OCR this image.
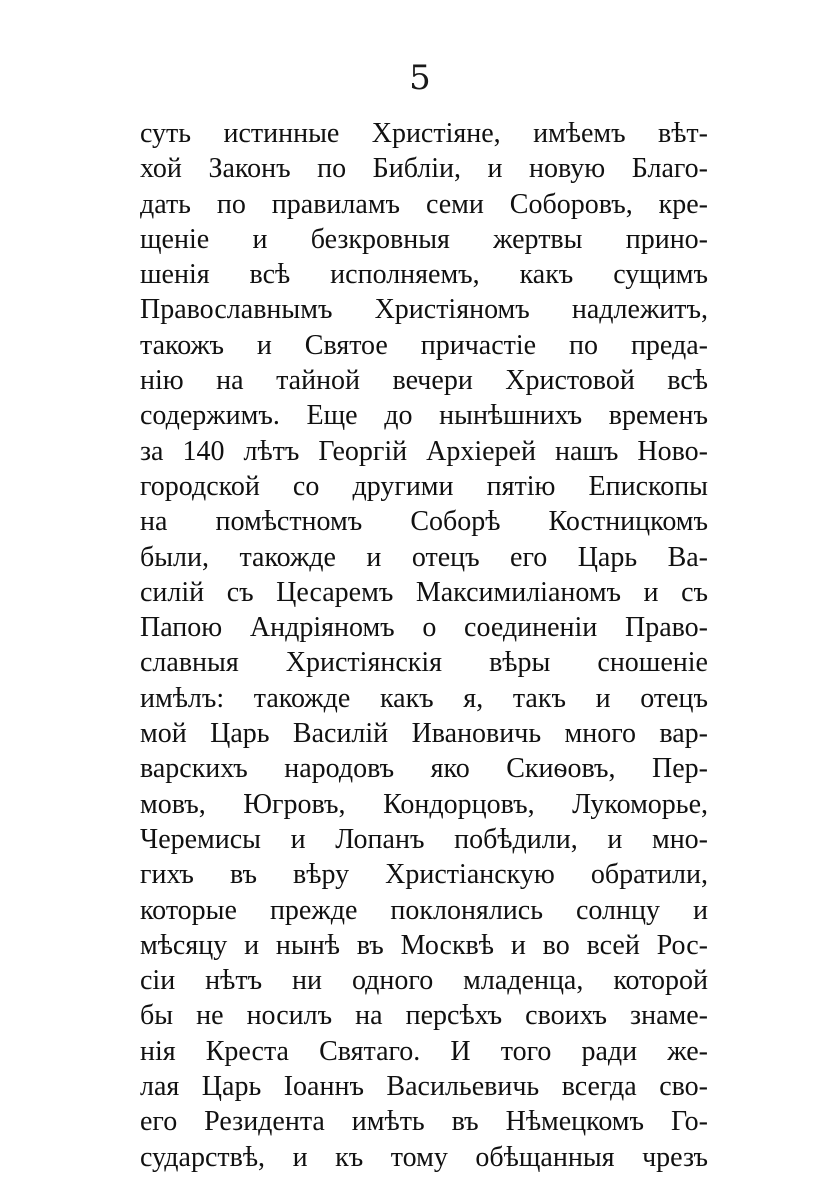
5
суть истинные Христіяне, имѣемъ вѣт-
хой Законъ по Библіи, и новую Благо-
дать по правиламъ семи Соборовъ, кре-
щеніе и безкровныя жертвы прино-
шенія всѣ исполняемъ, какъ сущимъ
Православнымъ Христіяномъ надлежитъ,
такожъ и Святое причастіе по преда-
нію на тайной вечери Христовой всѣ
содержимъ. Еще до нынѣшнихъ временъ
за 140 лѣтъ Георгій Архіерей нашъ Ново-
городской со другими пятію Епископы
на помѣстномъ Соборѣ Костницкомъ
были, такожде и отецъ его Царь Ва-
силій съ Цесаремъ Максимиліаномъ и съ
Папою Андріяномъ о соединеніи Право-
славныя Христіянскія вѣры сношеніе
имѣлъ: такожде какъ я, такъ и отецъ
мой Царь Василій Ивановичь много вар-
варскихъ народовъ яко Скиѳовъ, Пер-
мовъ, Югровъ, Кондорцовъ, Лукоморье,
Черемисы и Лопанъ побѣдили, и мно-
гихъ въ вѣру Христіанскую обратили,
которые прежде поклонялись солнцу и
мѣсяцу и нынѣ въ Москвѣ и во всей Рос-
сіи нѣтъ ни одного младенца, которой
бы не носилъ на персѣхъ своихъ знаме-
нія Креста Святаго. И того ради же-
лая Царь Іоаннъ Васильевичь всегда сво-
его Резидента имѣть въ Нѣмецкомъ Го-
сударствѣ, и къ тому обѣщанныя чрезъ
